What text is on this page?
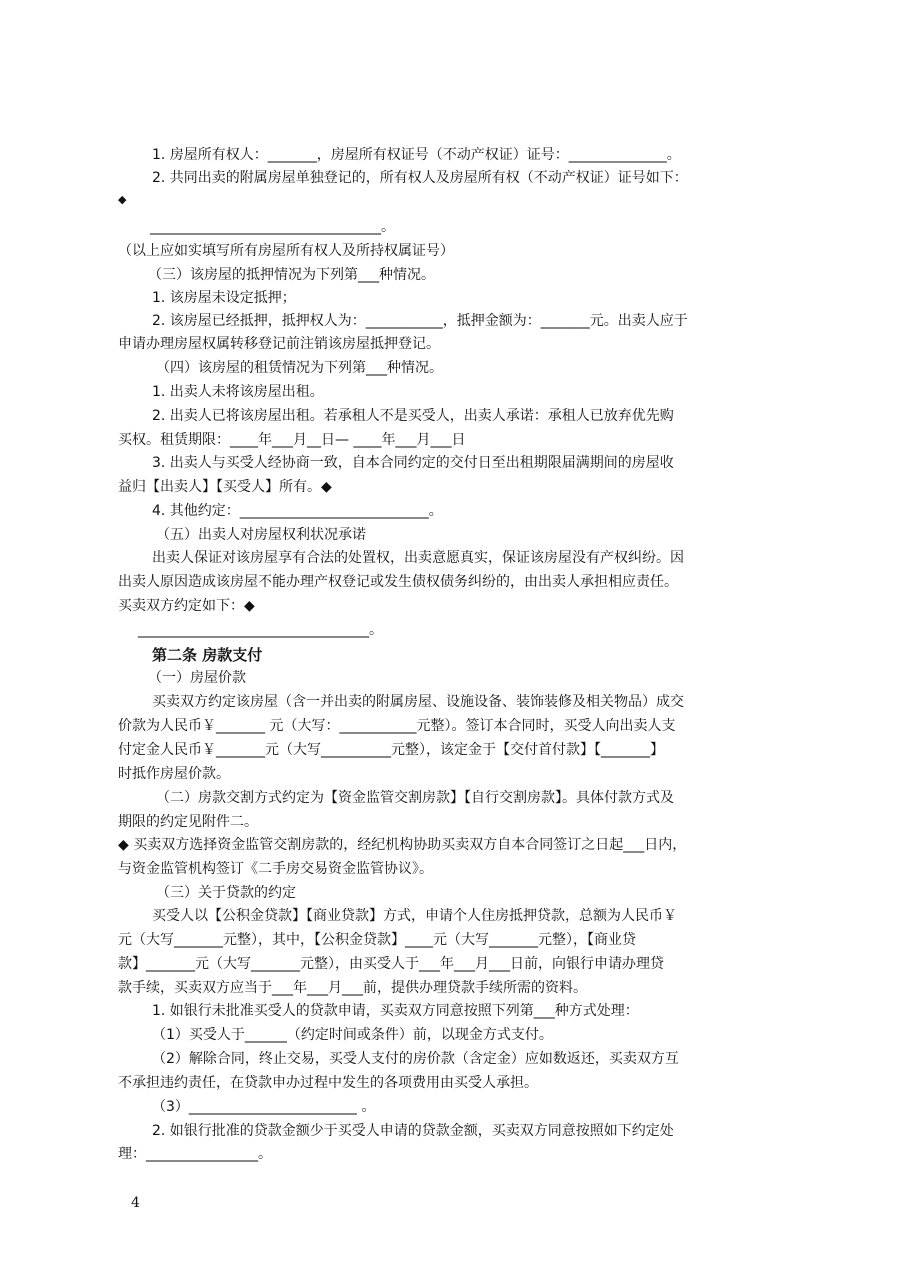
1. 房屋所有权人：_______，房屋所有权证号（不动产权证）证号：______________。
2. 共同出卖的附属房屋单独登记的，所有权人及房屋所有权（不动产权证）证号如下：
◆
_________________________________。
（以上应如实填写所有房屋所有权人及所持权属证号）
（三）该房屋的抵押情况为下列第___种情况。
1. 该房屋未设定抵押；
2. 该房屋已经抵押，抵押权人为：___________，抵押金额为：_______元。出卖人应于
申请办理房屋权属转移登记前注销该房屋抵押登记。
（四）该房屋的租赁情况为下列第___种情况。
1. 出卖人未将该房屋出租。
2. 出卖人已将该房屋出租。若承租人不是买受人，出卖人承诺：承租人已放弃优先购
买权。租赁期限：____年___月__日— ____年___月___日
3. 出卖人与买受人经协商一致，自本合同约定的交付日至出租期限届满期间的房屋收
益归【出卖人】【买受人】所有。◆
4. 其他约定：___________________________。
（五）出卖人对房屋权利状况承诺
出卖人保证对该房屋享有合法的处置权，出卖意愿真实，保证该房屋没有产权纠纷。因
出卖人原因造成该房屋不能办理产权登记或发生债权债务纠纷的，由出卖人承担相应责任。
买卖双方约定如下：◆
_________________________________。
第二条 房款支付
（一）房屋价款
买卖双方约定该房屋（含一并出卖的附属房屋、设施设备、装饰装修及相关物品）成交
价款为人民币￥_______ 元（大写：___________元整）。签订本合同时，买受人向出卖人支
付定金人民币￥_______元（大写__________元整），该定金于【交付首付款】【_______】
时抵作房屋价款。
（二）房款交割方式约定为【资金监管交割房款】【自行交割房款】。具体付款方式及
期限的约定见附件二。
◆ 买卖双方选择资金监管交割房款的，经纪机构协助买卖双方自本合同签订之日起___日内，
与资金监管机构签订《二手房交易资金监管协议》。
（三）关于贷款的约定
买受人以【公积金贷款】【商业贷款】方式，申请个人住房抵押贷款，总额为人民币￥
元（大写_______元整），其中，【公积金贷款】____元（大写_______元整），【商业贷
款】_______元（大写_______元整），由买受人于___年___月___日前，向银行申请办理贷
款手续，买卖双方应当于___年___月___前，提供办理贷款手续所需的资料。
1. 如银行未批准买受人的贷款申请，买卖双方同意按照下列第___种方式处理：
（1）买受人于______（约定时间或条件）前，以现金方式支付。
（2）解除合同，终止交易，买受人支付的房价款（含定金）应如数返还，买卖双方互
不承担违约责任，在贷款申办过程中发生的各项费用由买受人承担。
（3）________________________ 。
2. 如银行批准的贷款金额少于买受人申请的贷款金额，买卖双方同意按照如下约定处
理：________________。
4
